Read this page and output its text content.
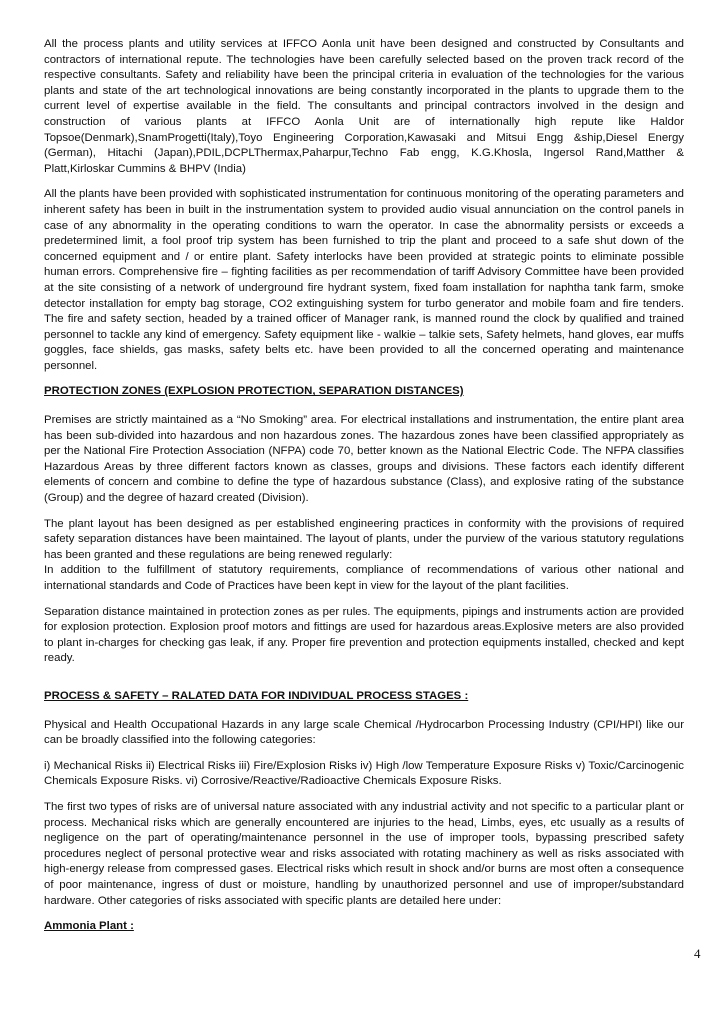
All the process plants and utility services at IFFCO Aonla unit have been designed and constructed by Consultants and contractors of international repute. The technologies have been carefully selected based on the proven track record of the respective consultants. Safety and reliability have been the principal criteria in evaluation of the technologies for the various plants and state of the art technological innovations are being constantly incorporated in the plants to upgrade them to the current level of expertise available in the field. The consultants and principal contractors involved in the design and construction of various plants at IFFCO Aonla Unit are of internationally high repute like Haldor Topsoe(Denmark),SnamProgetti(Italy),Toyo Engineering Corporation,Kawasaki and Mitsui Engg &ship,Diesel Energy (German), Hitachi (Japan),PDIL,DCPLThermax,Paharpur,Techno Fab engg, K.G.Khosla, Ingersol Rand,Matther & Platt,Kirloskar Cummins & BHPV (India)

All the plants have been provided with sophisticated instrumentation for continuous monitoring of the operating parameters and inherent safety has been in built in the instrumentation system to provided audio visual annunciation on the control panels in case of any abnormality in the operating conditions to warn the operator. In case the abnormality persists or exceeds a predetermined limit, a fool proof trip system has been furnished to trip the plant and proceed to a safe shut down of the concerned equipment and / or entire plant. Safety interlocks have been provided at strategic points to eliminate possible human errors. Comprehensive fire – fighting facilities as per recommendation of tariff Advisory Committee have been provided at the site consisting of a network of underground fire hydrant system, fixed foam installation for naphtha tank farm, smoke detector installation for empty bag storage, CO2 extinguishing system for turbo generator and mobile foam and fire tenders. The fire and safety section, headed by a trained officer of Manager rank, is manned round the clock by qualified and trained personnel to tackle any kind of emergency. Safety equipment like - walkie – talkie sets, Safety helmets, hand gloves, ear muffs goggles, face shields, gas masks, safety belts etc. have been provided to all the concerned operating and maintenance personnel.

PROTECTION ZONES (EXPLOSION PROTECTION, SEPARATION DISTANCES)

Premises are strictly maintained as a “No Smoking” area. For electrical installations and instrumentation, the entire plant area has been sub-divided into hazardous and non hazardous zones. The hazardous zones have been classified appropriately as per the National Fire Protection Association (NFPA) code 70, better known as the National Electric Code. The NFPA classifies Hazardous Areas by three different factors known as classes, groups and divisions. These factors each identify different elements of concern and combine to define the type of hazardous substance (Class), and explosive rating of the substance (Group) and the degree of hazard created (Division).

The plant layout has been designed as per established engineering practices in conformity with the provisions of required safety separation distances have been maintained. The layout of plants, under the purview of the various statutory regulations has been granted and these regulations are being renewed regularly:

In addition to the fulfillment of statutory requirements, compliance of recommendations of various other national and international standards and Code of Practices have been kept in view for the layout of the plant facilities.

Separation distance maintained in protection zones as per rules. The equipments, pipings and instruments action are provided for explosion protection. Explosion proof motors and fittings are used for hazardous areas.Explosive meters are also provided to plant in-charges for checking gas leak, if any. Proper fire prevention and protection equipments installed, checked and kept ready.

PROCESS & SAFETY – RALATED DATA FOR INDIVIDUAL PROCESS STAGES :

Physical and Health Occupational Hazards in any large scale Chemical /Hydrocarbon Processing Industry (CPI/HPI) like our can be broadly classified into the following categories:

i) Mechanical Risks ii) Electrical Risks iii) Fire/Explosion Risks iv) High /low Temperature Exposure Risks v) Toxic/Carcinogenic Chemicals Exposure Risks. vi) Corrosive/Reactive/Radioactive Chemicals Exposure Risks.

The first two types of risks are of universal nature associated with any industrial activity and not specific to a particular plant or process. Mechanical risks which are generally encountered are injuries to the head, Limbs, eyes, etc usually as a results of negligence on the part of operating/maintenance personnel in the use of improper tools, bypassing prescribed safety procedures neglect of personal protective wear and risks associated with rotating machinery as well as risks associated with high-energy release from compressed gases. Electrical risks which result in shock and/or burns are most often a consequence of poor maintenance, ingress of dust or moisture, handling by unauthorized personnel and use of improper/substandard hardware. Other categories of risks associated with specific plants are detailed here under:

Ammonia Plant :
4
